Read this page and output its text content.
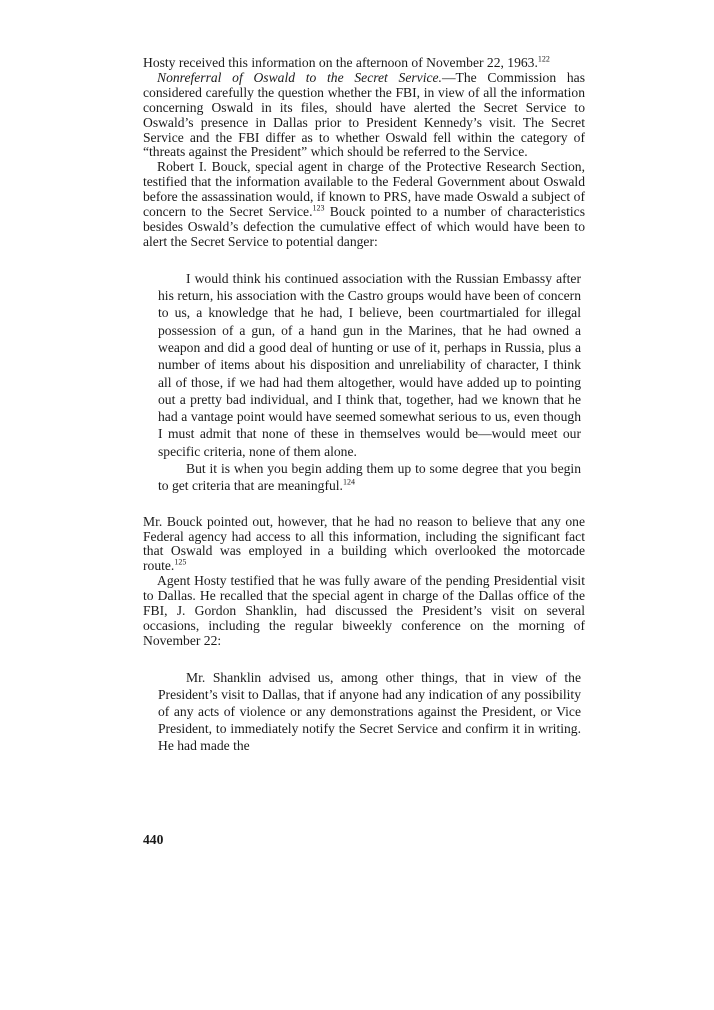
Hosty received this information on the afternoon of November 22, 1963.$^{122}$

Nonreferral of Oswald to the Secret Service.—The Commission has considered carefully the question whether the FBI, in view of all the information concerning Oswald in its files, should have alerted the Secret Service to Oswald’s presence in Dallas prior to President Kennedy’s visit. The Secret Service and the FBI differ as to whether Oswald fell within the category of “threats against the President” which should be referred to the Service.

Robert I. Bouck, special agent in charge of the Protective Research Section, testified that the information available to the Federal Government about Oswald before the assassination would, if known to PRS, have made Oswald a subject of concern to the Secret Service.$^{123}$ Bouck pointed to a number of characteristics besides Oswald’s defection the cumulative effect of which would have been to alert the Secret Service to potential danger:

I would think his continued association with the Russian Embassy after his return, his association with the Castro groups would have been of concern to us, a knowledge that he had, I believe, been courtmartialed for illegal possession of a gun, of a hand gun in the Marines, that he had owned a weapon and did a good deal of hunting or use of it, perhaps in Russia, plus a number of items about his disposition and unreliability of character, I think all of those, if we had had them altogether, would have added up to pointing out a pretty bad individual, and I think that, together, had we known that he had a vantage point would have seemed somewhat serious to us, even though I must admit that none of these in themselves would be—would meet our specific criteria, none of them alone.

But it is when you begin adding them up to some degree that you begin to get criteria that are meaningful.$^{124}$

Mr. Bouck pointed out, however, that he had no reason to believe that any one Federal agency had access to all this information, including the significant fact that Oswald was employed in a building which overlooked the motorcade route.$^{125}$

Agent Hosty testified that he was fully aware of the pending Presidential visit to Dallas. He recalled that the special agent in charge of the Dallas office of the FBI, J. Gordon Shanklin, had discussed the President’s visit on several occasions, including the regular biweekly conference on the morning of November 22:

Mr. Shanklin advised us, among other things, that in view of the President’s visit to Dallas, that if anyone had any indication of any possibility of any acts of violence or any demonstrations against the President, or Vice President, to immediately notify the Secret Service and confirm it in writing. He had made the

440
